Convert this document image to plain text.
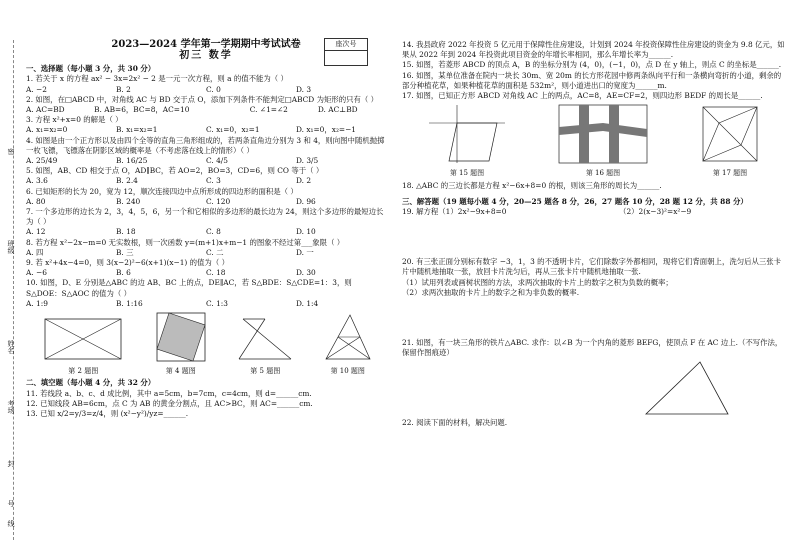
密
班级
姓名
考场
封
号
线
座次号
2023—2024 学年第一学期期中考试试卷
初三 数学
一、选择题（每小题 3 分，共 30 分）

1. 若关于 x 的方程 ax² − 3x=2x² − 2 是一元一次方程，则 a 的值不能为（ ）

A. −2	B. 2	C. 0	D. 3

2. 如图，在□ABCD 中，对角线 AC 与 BD 交于点 O，添加下列条件不能判定□ABCD 为矩形的只有（ ）

A. AC=BD	B. AB=6，BC=8，AC=10	C. ∠1=∠2	D. AC⊥BD

3. 方程 x²+x=0 的解是（ ）

A. x₁=x₂=0	B. x₁=x₂=1	C. x₁=0，x₂=1	D. x₁=0，x₂=−1

4. 如图是由一个正方形以及由四个全等的直角三角形组成的，若两条直角边分别为 3 和 4，则向图中随机抛掷一枚飞镖，飞镖落在阴影区域的概率是（不考虑落在线上的情形）（ ）

A. 25/49	B. 16/25	C. 4/5	D. 3/5

5. 如图，AB、CD 相交于点 O，AD∥BC，若 AO=2，BO=3，CD=6，则 CO 等于（ ）

A. 3.6	B. 2.4	C. 3	D. 2

6. 已知矩形的长为 20，宽为 12，顺次连接四边中点所形成的四边形的面积是（ ）

A. 80	B. 240	C. 120	D. 96

7. 一个多边形的边长为 2，3，4，5，6，另一个和它相似的多边形的最长边为 24，则这个多边形的最短边长为（ ）

A. 12	B. 18	C. 8	D. 10

8. 若方程 x²−2x−m=0 无实数根，则一次函数 y=(m+1)x+m−1 的图象不经过第___象限（ ）

A. 四	B. 三	C. 二	D. 一

9. 若 x²+4x−4=0，则 3(x−2)²−6(x+1)(x−1) 的值为（ ）

A. −6	B. 6	C. 18	D. 30

10. 如图，D、E 分别是△ABC 的边 AB、BC 上的点，DE∥AC，若 S△BDE：S△CDE=1：3，则 S△DOE：S△AOC 的值为（ ）

A. 1:9	B. 1:16	C. 1:3	D. 1:4
第 2 题图	第 4 题图	第 5 题图	第 10 题图
二、填空题（每小题 4 分，共 32 分）

11. 若线段 a、b、c、d 成比例，其中 a=5cm，b=7cm，c=4cm，则 d=______cm.

12. 已知线段 AB=6cm，点 C 为 AB 的黄金分割点，且 AC>BC，则 AC=______cm.

13. 已知 x/2=y/3=z/4，则 (x²−y²)/yz=______.

14. 我县政府 2022 年投资 5 亿元用于保障性住房建设，计划到 2024 年投资保障性住房建设的资金为 9.8 亿元，如果从 2022 年到 2024 年投资此项目资金的年增长率相同，那么年增长率为______.

15. 如图，若菱形 ABCD 的顶点 A，B 的坐标分别为 (4，0)，(−1，0)，点 D 在 y 轴上，则点 C 的坐标是______.

16. 如图，某单位准备在院内一块长 30m、宽 20m 的长方形花园中修两条纵向平行和一条横向弯折的小道，剩余的部分种植花草，如果种植花草的面积是 532m²，则小道进出口的宽度为______m.

17. 如图，已知正方形 ABCD 对角线 AC 上的两点，AC=8，AE=CF=2，则四边形 BEDF 的周长是______.

第 15 题图	第 16 题图	第 17 题图

18. △ABC 的三边长都是方程 x²−6x+8=0 的根，则该三角形的周长为______.

三、解答题（19 题每小题 4 分，20—25 题各 8 分，26，27 题各 10 分，28 题 12 分，共 88 分）
19. 解方程（1）2x²−9x+8=0	（2）2(x−3)²=x²−9

20. 有三张正面分别标有数字 −3，1，3 的不透明卡片，它们除数字外都相同，现将它们背面朝上，洗匀后从三张卡片中随机地抽取一张，放回卡片洗匀后，再从三张卡片中随机地抽取一张.

（1）试用列表或画树状图的方法，求两次抽取的卡片上的数字之积为负数的概率；

（2）求两次抽取的卡片上的数字之和为非负数的概率.

21. 如图，有一块三角形的铁片△ABC. 求作：以∠B 为一个内角的菱形 BEFG，使顶点 F 在 AC 边上.（不写作法，保留作图痕迹）

22. 阅读下面的材料，解决问题.
